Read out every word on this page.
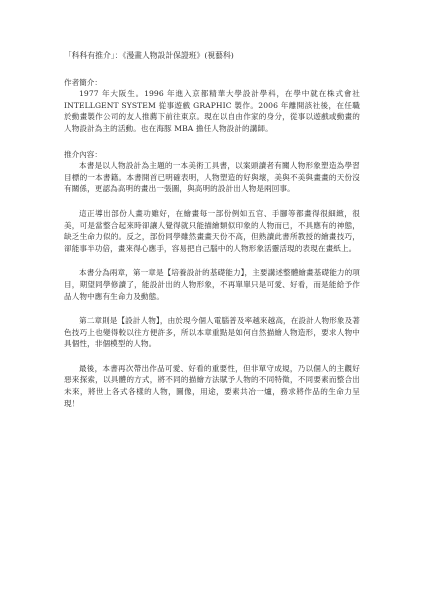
「科科有推介」：《漫畫人物設計保證班》(視藝科)

作者簡介：

1977 年大阪生。1996 年進入京都精華大學設計學科，在學中就在株式會社 INTELLGENT SYSTEM 從事遊戲 GRAPHIC 製作。2006 年離開該社後，在任職於動畫製作公司的友人推薦下前往東京。現在以自由作家的身分，從事以遊戲或動畫的人物設計為主的活動。也在海豚 MBA 擔任人物設計的講師。

推介內容：

本書是以人物設計為主題的一本美術工具書，以案頭讀者有關人物形象塑造為學習目標的一本書籍。本書開首已明確表明，人物塑造的好與壞，美與不美與畫畫的天份沒有關係，更認為高明的畫出一張圖，與高明的設計出人物是兩回事。

這正導出部份人畫功雖好，在繪畫每一部份例如五官、手腳等都畫得很細緻，很美，可是當整合起來時卻讓人覺得就只能描繪類似印象的人物而已，不具應有的神態，缺乏生命力似的。反之，部份同學雖然畫畫天份不高，但熟讀此書所教授的繪畫技巧，卻能事半功倍，畫來得心應手，容易把自己腦中的人物形象活靈活現的表現在畫紙上。

本書分為兩章，第一章是【培養設計的基礎能力】，主要講述整體繪畫基礎能力的項目，期望同學修讀了，能設計出的人物形象，不再單單只是可愛、好看，而是能給予作品人物中應有生命力及動態。

第二章則是【設計人物】，由於現今個人電腦普及率越來越高，在設計人物形象及著色技巧上也變得較以往方便許多，所以本章重點是如何自然描繪人物造形，要求人物中具個性，非個模型的人物。

最後，本書再次帶出作品可愛、好看的重要性，但非單守成規，乃以個人的主觀好惡來探索，以具體的方式，將不同的描繪方法賦予人物的不同特徵，不同要素而整合出未來，將世上各式各樣的人物，圖像，用途，要素共冶一爐，務求將作品的生命力呈現！
